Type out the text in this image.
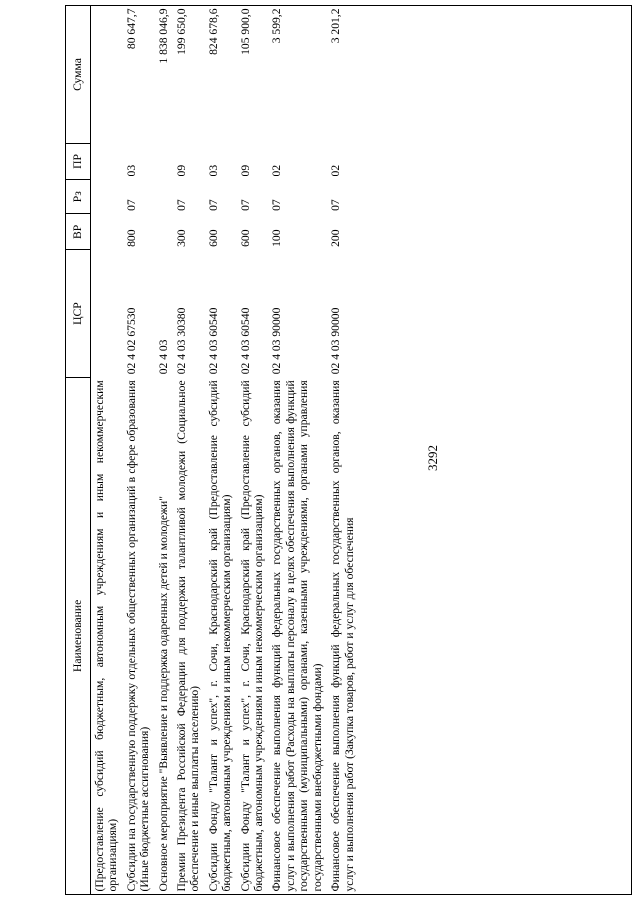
3292
Наименование	ЦСР	ВР	Рз	ПР	Сумма
(Предоставление субсидий бюджетным, автономным учреждениям и иным некоммерческим организациям)					
Субсидии на государственную поддержку отдельных общественных организаций в сфере образования (Иные бюджетные ассигнования)	02 4 02 67530	800	07	03	80 647,7
Основное мероприятие "Выявление и поддержка одаренных детей и молодежи"	02 4 03				1 838 046,9
Премии Президента Российской Федерации для поддержки талантливой молодежи (Социальное обеспечение и иные выплаты населению)	02 4 03 30380	300	07	09	199 650,0
Субсидии Фонду "Талант и успех", г. Сочи, Краснодарский край (Предоставление субсидий бюджетным, автономным учреждениям и иным некоммерческим организациям)	02 4 03 60540	600	07	03	824 678,6
Субсидии Фонду "Талант и успех", г. Сочи, Краснодарский край (Предоставление субсидий бюджетным, автономным учреждениям и иным некоммерческим организациям)	02 4 03 60540	600	07	09	105 900,0
Финансовое обеспечение выполнения функций федеральных государственных органов, оказания услуг и выполнения работ (Расходы на выплаты персоналу в целях обеспечения выполнения функций государственными (муниципальными) органами, казенными учреждениями, органами управления государственными внебюджетными фондами)	02 4 03 90000	100	07	02	3 599,2
Финансовое обеспечение выполнения функций федеральных государственных органов, оказания услуг и выполнения работ (Закупка товаров, работ и услуг для обеспечения	02 4 03 90000	200	07	02	3 201,2
